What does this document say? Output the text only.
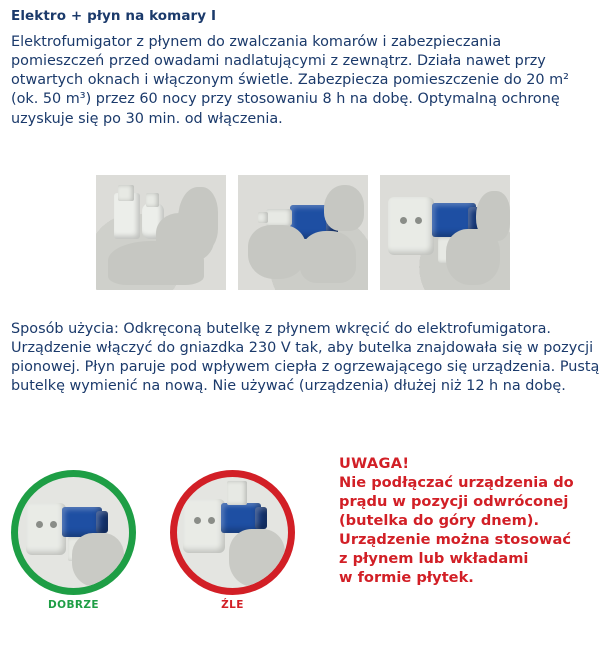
Elektro + płyn na komary I

Elektrofumigator z płynem do zwalczania komarów i zabezpieczania pomieszczeń przed owadami nadlatującymi z zewnątrz. Działa nawet przy otwartych oknach i włączonym świetle. Zabezpiecza pomieszczenie do 20 m² (ok. 50 m³) przez 60 nocy przy stosowaniu 8 h na dobę. Optymalną ochronę uzyskuje się po 30 min. od włączenia.

Sposób użycia: Odkręconą butelkę z płynem wkręcić do elektrofumigatora. Urządzenie włączyć do gniazdka 230 V tak, aby butelka znajdowała się w pozycji pionowej. Płyn paruje pod wpływem ciepła z ogrzewającego się urządzenia. Pustą butelkę wymienić na nową. Nie używać (urządzenia) dłużej niż 12 h na dobę.
DOBRZE	ŹLE

UWAGA!

Nie podłączać urządzenia do

prądu w pozycji odwróconej

(butelka do góry dnem).

Urządzenie można stosować

z płynem lub wkładami

w formie płytek.
